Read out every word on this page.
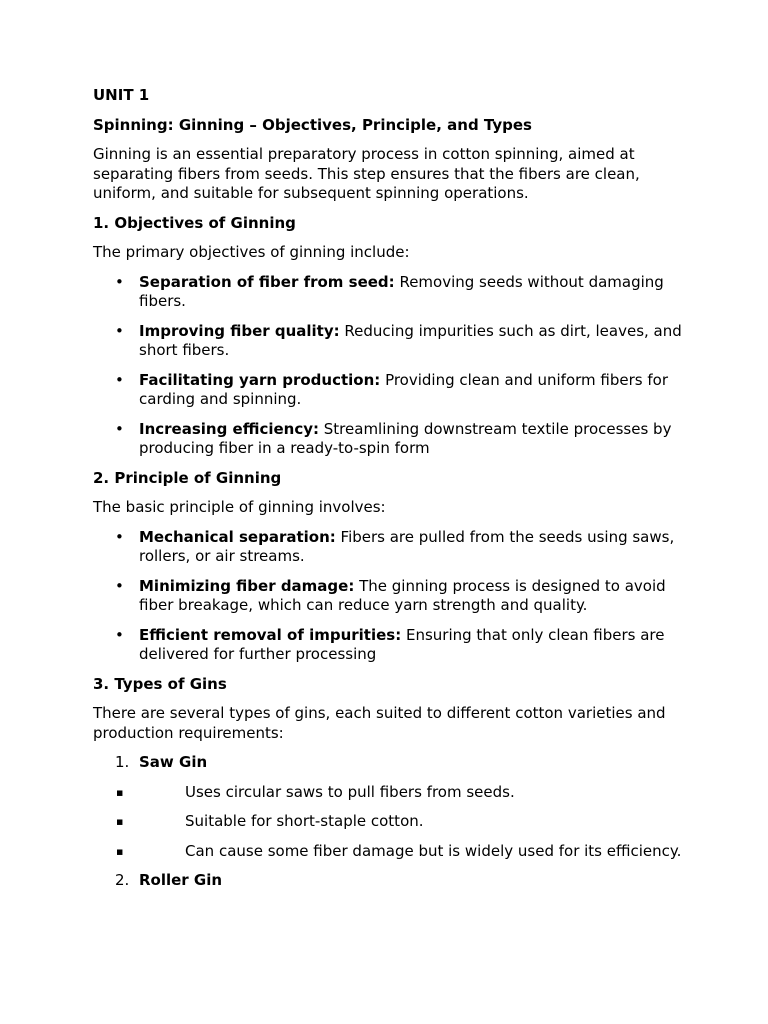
UNIT 1

Spinning: Ginning – Objectives, Principle, and Types

Ginning is an essential preparatory process in cotton spinning, aimed at separating fibers from seeds. This step ensures that the fibers are clean, uniform, and suitable for subsequent spinning operations.

1. Objectives of Ginning

The primary objectives of ginning include:

• Separation of fiber from seed: Removing seeds without damaging fibers.
• Improving fiber quality: Reducing impurities such as dirt, leaves, and short fibers.
• Facilitating yarn production: Providing clean and uniform fibers for carding and spinning.
• Increasing efficiency: Streamlining downstream textile processes by producing fiber in a ready-to-spin form

2. Principle of Ginning

The basic principle of ginning involves:

• Mechanical separation: Fibers are pulled from the seeds using saws, rollers, or air streams.
• Minimizing fiber damage: The ginning process is designed to avoid fiber breakage, which can reduce yarn strength and quality.
• Efficient removal of impurities: Ensuring that only clean fibers are delivered for further processing

3. Types of Gins

There are several types of gins, each suited to different cotton varieties and production requirements:

1. Saw Gin
▪	Uses circular saws to pull fibers from seeds.
▪	Suitable for short-staple cotton.
▪	Can cause some fiber damage but is widely used for its efficiency.
2. Roller Gin
